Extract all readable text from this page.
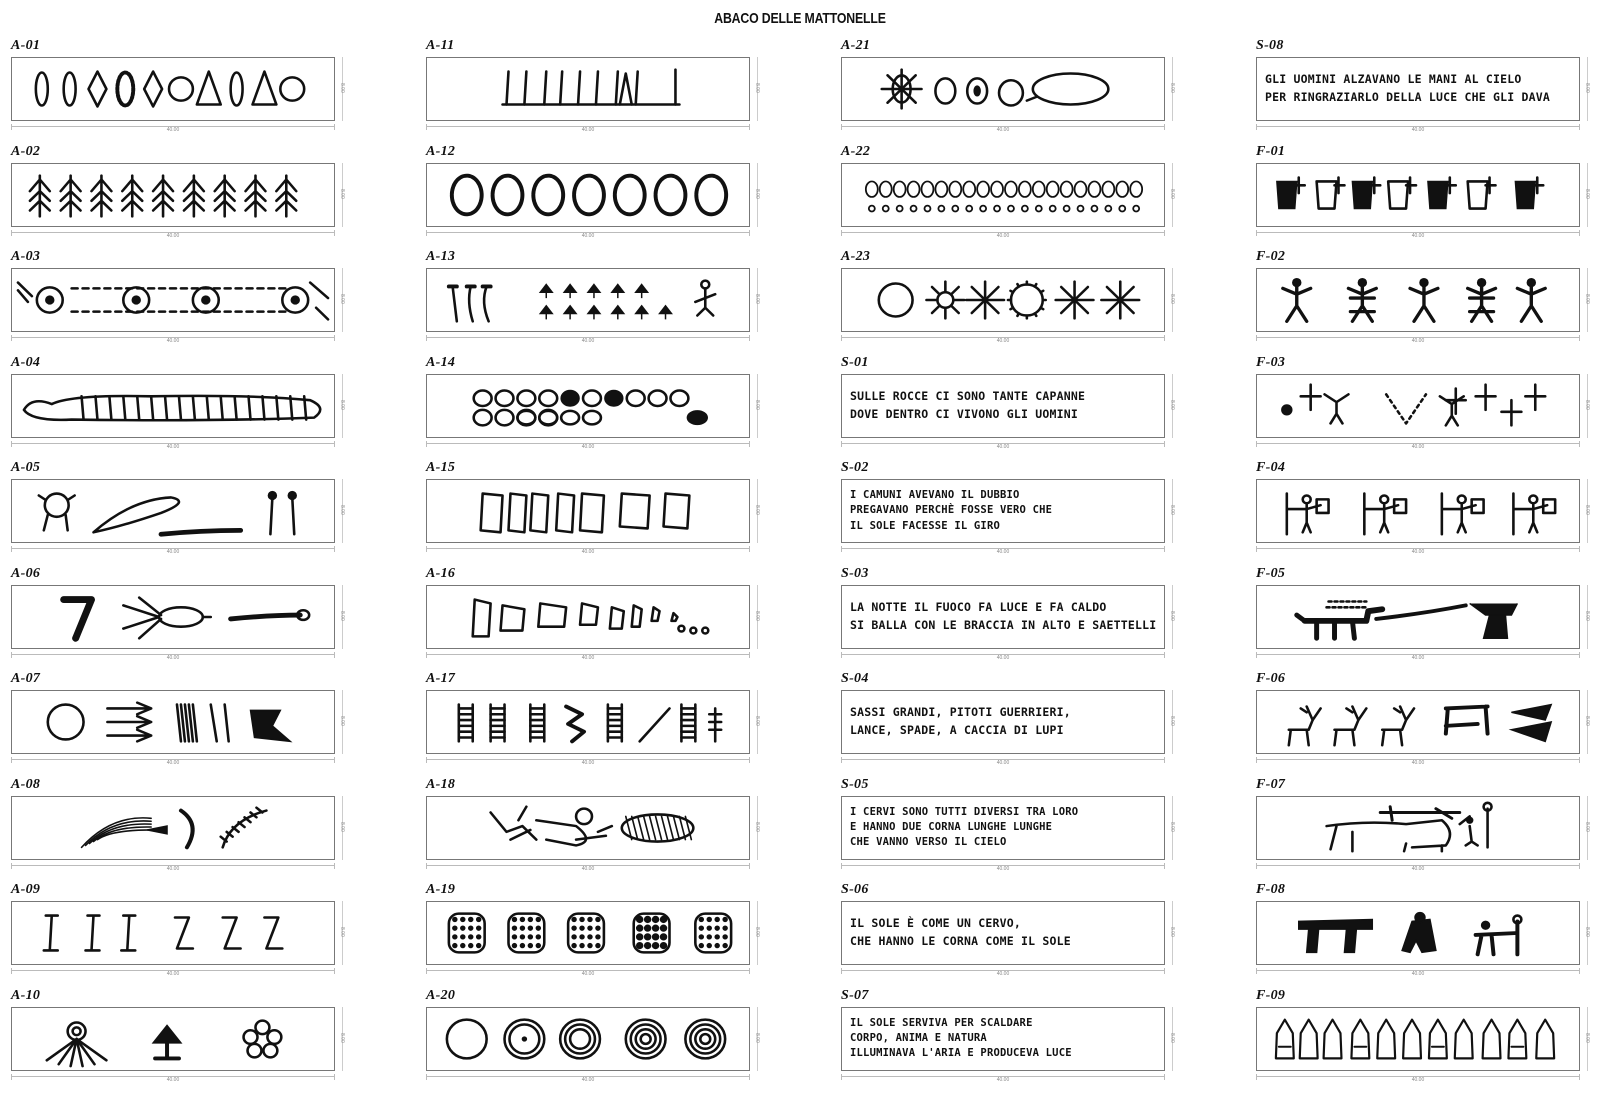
ABACO DELLE MATTONELLE
A-01
40.00
8.00
A-02
40.00
8.00
A-03
40.00
8.00
A-04
40.00
8.00
A-05
40.00
8.00
A-06
40.00
8.00
A-07
40.00
8.00
A-08
40.00
8.00
A-09
40.00
8.00
A-10
40.00
8.00
A-11
40.00
8.00
A-12
40.00
8.00
A-13
40.00
8.00
A-14
40.00
8.00
A-15
40.00
8.00
A-16
40.00
8.00
A-17
40.00
8.00
A-18
40.00
8.00
A-19
40.00
8.00
A-20
40.00
8.00
A-21
40.00
8.00
A-22
40.00
8.00
A-23
40.00
8.00
S-01
SULLE ROCCE CI SONO TANTE CAPANNE
DOVE DENTRO CI VIVONO GLI UOMINI
40.00
8.00
S-02
I CAMUNI AVEVANO IL DUBBIO
PREGAVANO PERCHÈ FOSSE VERO CHE
IL SOLE FACESSE IL GIRO
40.00
8.00
S-03
LA NOTTE IL FUOCO FA LUCE E FA CALDO
SI BALLA CON LE BRACCIA IN ALTO E SAETTELLI
40.00
8.00
S-04
SASSI GRANDI, PITOTI GUERRIERI,
LANCE, SPADE, A CACCIA DI LUPI
40.00
8.00
S-05
I CERVI SONO TUTTI DIVERSI TRA LORO
E HANNO DUE CORNA LUNGHE LUNGHE
CHE VANNO VERSO IL CIELO
40.00
8.00
S-06
IL SOLE È COME UN CERVO,
CHE HANNO LE CORNA COME IL SOLE
40.00
8.00
S-07
IL SOLE SERVIVA PER SCALDARE
CORPO, ANIMA E NATURA
ILLUMINAVA L'ARIA E PRODUCEVA LUCE
40.00
8.00
S-08
GLI UOMINI ALZAVANO LE MANI AL CIELO
PER RINGRAZIARLO DELLA LUCE CHE GLI DAVA
40.00
8.00
F-01
40.00
8.00
F-02
40.00
8.00
F-03
40.00
8.00
F-04
40.00
8.00
F-05
40.00
8.00
F-06
40.00
8.00
F-07
40.00
8.00
F-08
40.00
8.00
F-09
40.00
8.00
